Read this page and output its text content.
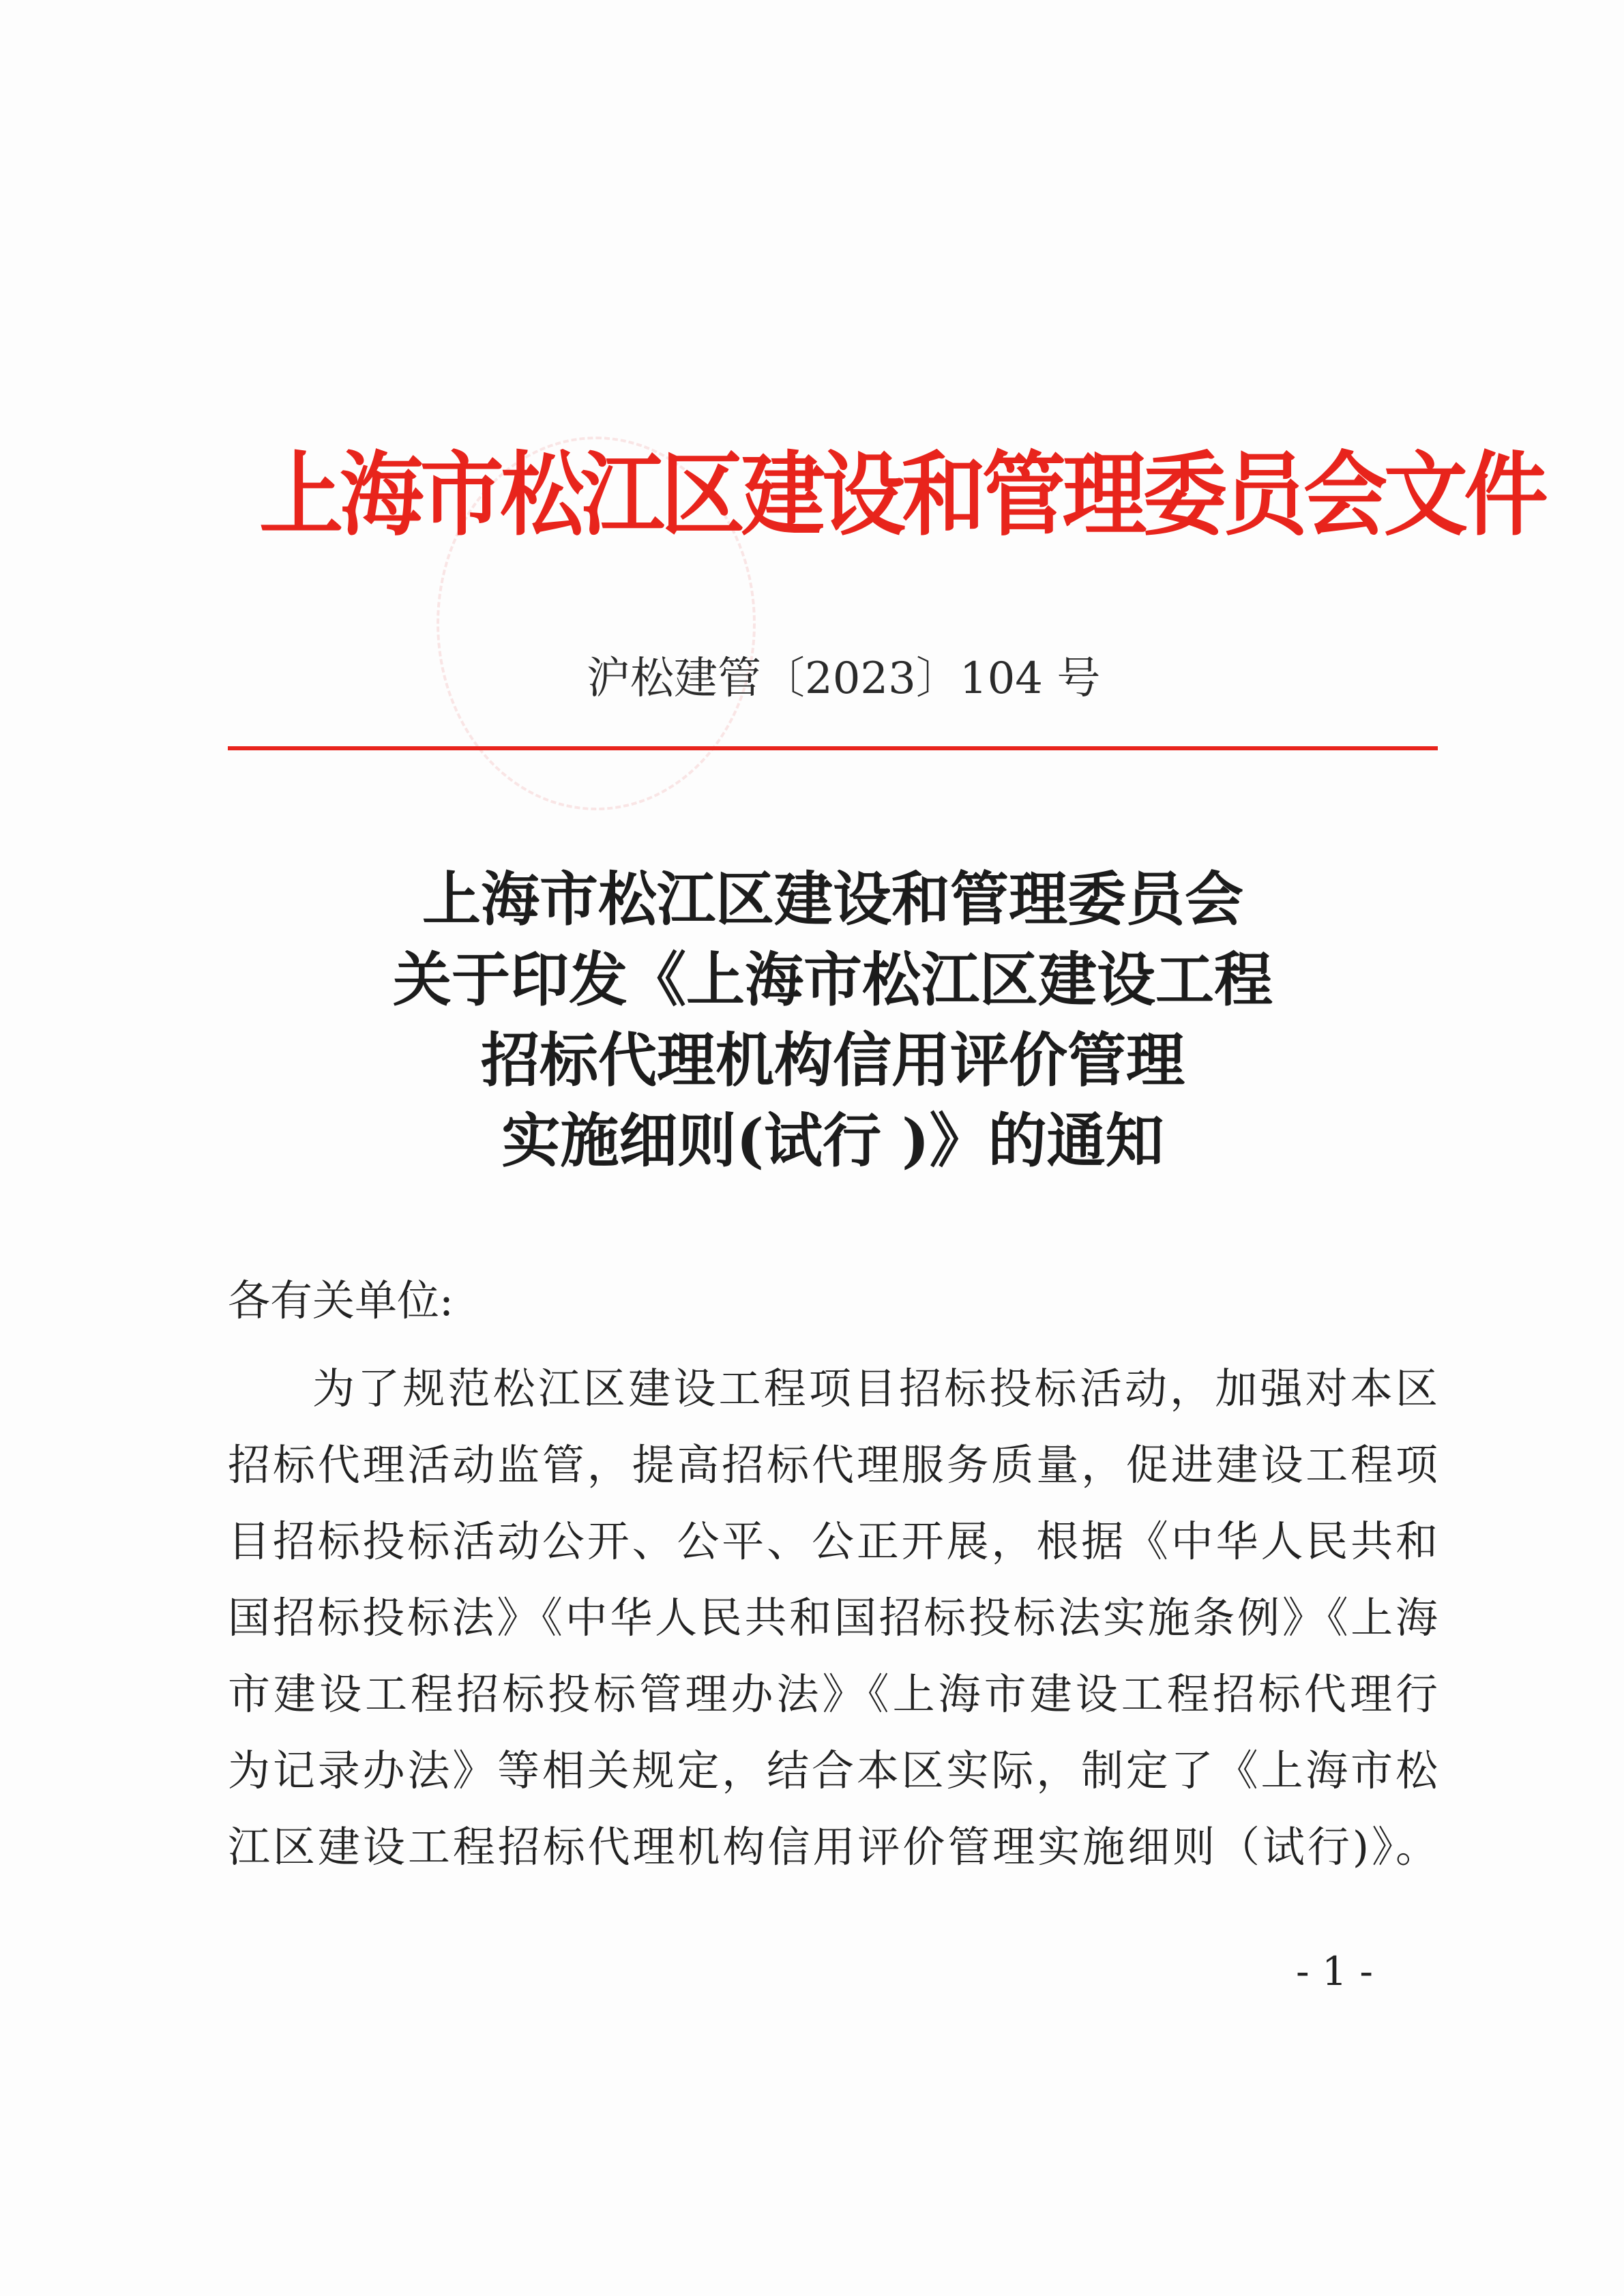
上海市松江区建设和管理委员会文件
沪松建管〔2023〕104 号
上海市松江区建设和管理委员会
关于印发《上海市松江区建设工程
招标代理机构信用评价管理
实施细则(试行 )》的通知
各有关单位:
为了规范松江区建设工程项目招标投标活动，加强对本区
招标代理活动监管，提高招标代理服务质量，促进建设工程项
目招标投标活动公开、公平、公正开展，根据《中华人民共和
国招标投标法》《中华人民共和国招标投标法实施条例》《上海
市建设工程招标投标管理办法》《上海市建设工程招标代理行
为记录办法》等相关规定，结合本区实际，制定了《上海市松
江区建设工程招标代理机构信用评价管理实施细则（试行)》。
- 1 -
